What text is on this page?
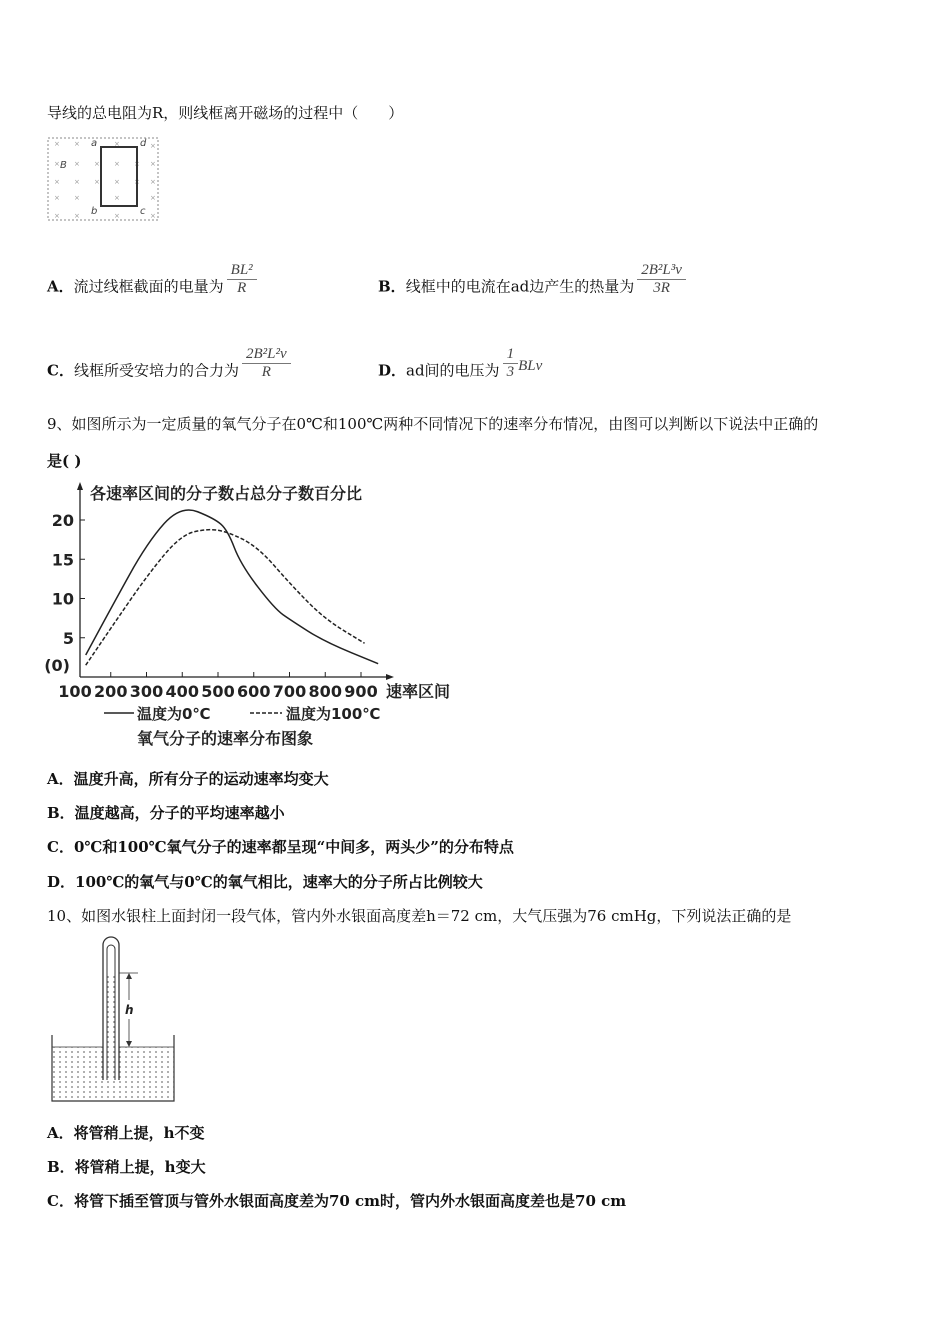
导线的总电阻为R，则线框离开磁场的过程中（　　）
× ×	×	×
× × × × × ×
× × × × × ×
× ×	×	×
× ×	×	×
B
a	d
b	c
A．流过线框截面的电量为 $\frac{\text{BL²}}{R}$	B．线框中的电流在ad边产生的热量为 $\frac{\text{2B²L³v}}{3R}$
C．线框所受安培力的合力为 $\frac{\text{2B²L²v}}{R}$	D．ad间的电压为 $\frac{1}{3}$ BLv
9、如图所示为一定质量的氧气分子在0℃和100℃两种不同情况下的速率分布情况，由图可以判断以下说法中正确的
是( )
各速率区间的分子数占总分子数百分比
100 200 300 400 500 600 700 800 900
(0)
5
10
15
20
速率区间
温度为0℃	温度为100℃
氧气分子的速率分布图象
A．温度升高，所有分子的运动速率均变大
B．温度越高，分子的平均速率越小
C．0℃和100℃氧气分子的速率都呈现“中间多，两头少”的分布特点
D．100℃的氧气与0℃的氧气相比，速率大的分子所占比例较大
10、如图水银柱上面封闭一段气体，管内外水银面高度差h＝72 cm，大气压强为76 cmHg，下列说法正确的是
h
A．将管稍上提，h不变
B．将管稍上提，h变大
C．将管下插至管顶与管外水银面高度差为70 cm时，管内外水银面高度差也是70 cm
